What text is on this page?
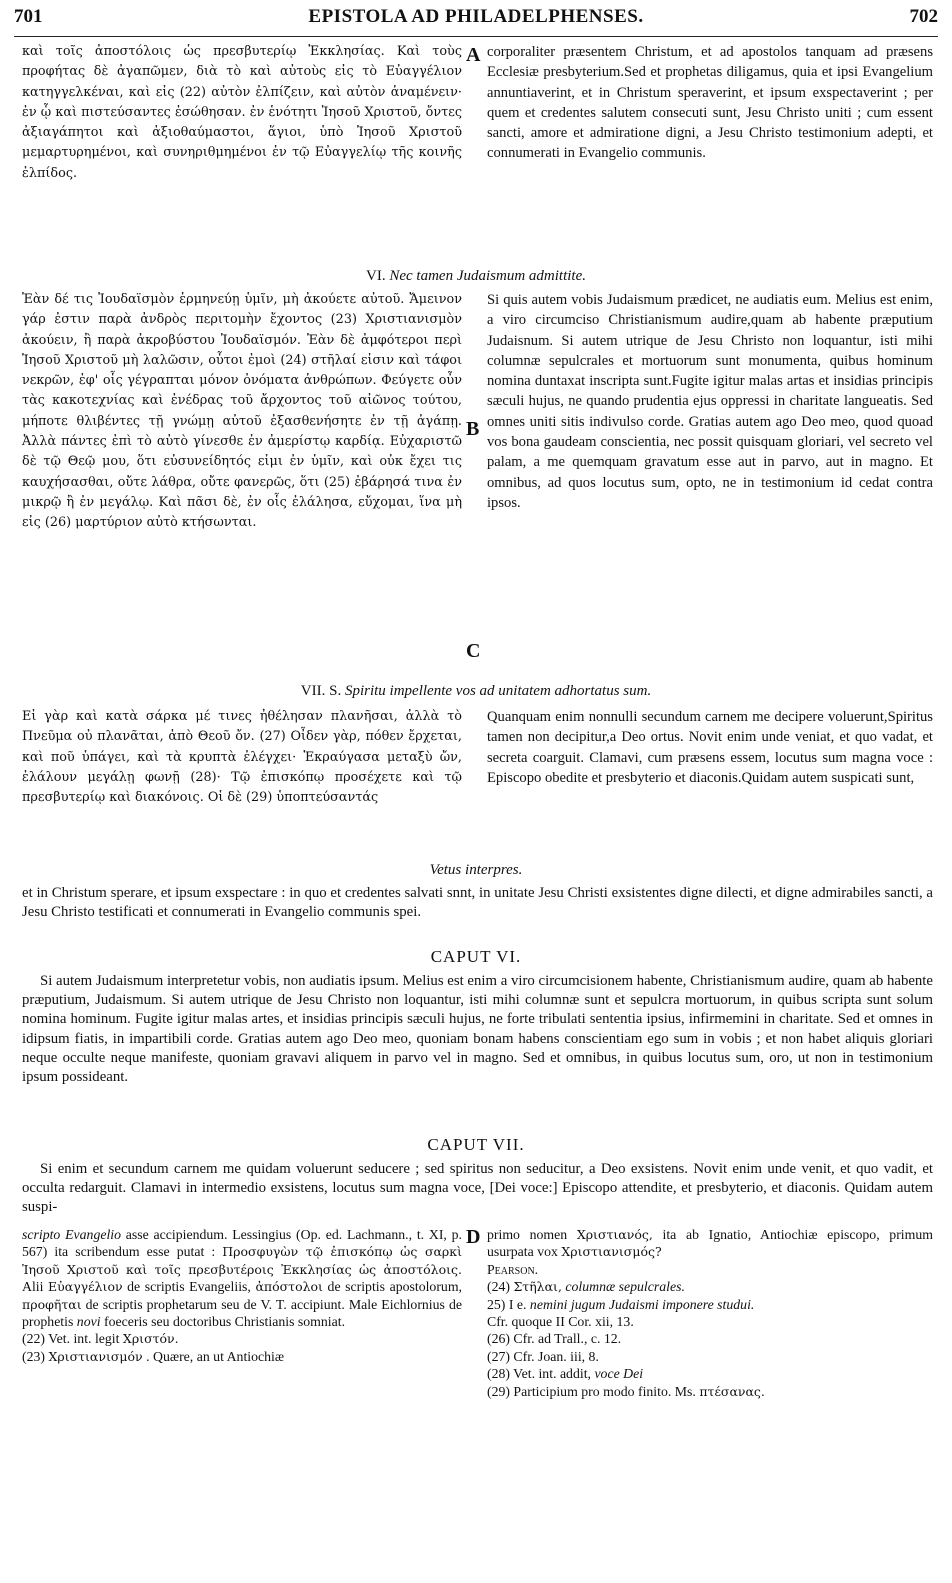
701	EPISTOLA AD PHILADELPHENSES.	702

καὶ τοῖς ἀποστόλοις ὡς πρεσβυτερίῳ Ἐκκλησίας. Καὶ τοὺς προφήτας δὲ ἀγαπῶμεν, διὰ τὸ καὶ αὐτοὺς εἰς τὸ Εὐαγγέλιον κατηγγελκέναι, καὶ εἰς (22) αὐτὸν ἐλπίζειν, καὶ αὐτὸν ἀναμένειν· ἐν ᾧ καὶ πιστεύσαντες ἐσώθησαν. ἐν ἑνότητι Ἰησοῦ Χριστοῦ, ὄντες ἀξιαγάπητοι καὶ ἀξιοθαύμαστοι, ἅγιοι, ὑπὸ Ἰησοῦ Χριστοῦ μεμαρτυρημένοι, καὶ συνηριθμημένοι ἐν τῷ Εὐαγγελίῳ τῆς κοινῆς ἐλπίδος.

A corporaliter præsentem Christum, et ad apostolos tanquam ad præsens Ecclesiæ presbyterium.Sed et prophetas diligamus, quia et ipsi Evangelium annuntiaverint, et in Christum speraverint, et ipsum exspectaverint ; per quem et credentes salutem consecuti sunt, Jesu Christo uniti ; cum essent sancti, amore et admiratione digni, a Jesu Christo testimonium adepti, et connumerati in Evangelio communis.

VI. Nec tamen Judaismum admittite.

Ἐὰν δέ τις Ἰουδαϊσμὸν ἑρμηνεύῃ ὑμῖν, μὴ ἀκούετε αὐτοῦ. Ἄμεινον γάρ ἐστιν παρὰ ἀνδρὸς περιτομὴν ἔχοντος (23) Χριστιανισμὸν ἀκούειν, ἢ παρὰ ἀκροβύστου Ἰουδαϊσμόν. Ἐὰν δὲ ἀμφότεροι περὶ Ἰησοῦ Χριστοῦ μὴ λαλῶσιν, οὗτοι ἐμοὶ (24) στῆλαί εἰσιν καὶ τάφοι νεκρῶν, ἐφ' οἷς γέγραπται μόνον ὀνόματα ἀνθρώπων. Φεύγετε οὖν τὰς κακοτεχνίας καὶ ἐνέδρας τοῦ ἄρχοντος τοῦ αἰῶνος τούτου, μήποτε θλιβέντες τῇ γνώμῃ αὐτοῦ ἐξασθενήσητε ἐν τῇ ἀγάπῃ. Ἀλλὰ πάντες ἐπὶ τὸ αὐτὸ γίνεσθε ἐν ἀμερίστῳ καρδίᾳ. Εὐχαριστῶ δὲ τῷ Θεῷ μου, ὅτι εὐσυνείδητός εἰμι ἐν ὑμῖν, καὶ οὐκ ἔχει τις καυχήσασθαι, οὔτε λάθρα, οὔτε φανερῶς, ὅτι (25) ἐβάρησά τινα ἐν μικρῷ ἢ ἐν μεγάλῳ. Καὶ πᾶσι δὲ, ἐν οἷς ἐλάλησα, εὔχομαι, ἵνα μὴ εἰς (26) μαρτύριον αὐτὸ κτήσωνται.

B
C

Si quis autem vobis Judaismum prædicet, ne audiatis eum. Melius est enim, a viro circumciso Christianismum audire,quam ab habente præputium Judaisnum. Si autem utrique de Jesu Christo non loquantur, isti mihi columnæ sepulcrales et mortuorum sunt monumenta, quibus hominum nomina duntaxat inscripta sunt.Fugite igitur malas artas et insidias principis sæculi hujus, ne quando prudentia ejus oppressi in charitate langueatis. Sed omnes uniti sitis indivulso corde. Gratias autem ago Deo meo, quod quoad vos bona gaudeam conscientia, nec possit quisquam gloriari, vel secreto vel palam, a me quemquam gravatum esse aut in parvo, aut in magno. Et omnibus, ad quos locutus sum, opto, ne in testimonium id cedat contra ipsos.

VII. S. Spiritu impellente vos ad unitatem adhortatus sum.

Εἰ γὰρ καὶ κατὰ σάρκα μέ τινες ἠθέλησαν πλανῆσαι, ἀλλὰ τὸ Πνεῦμα οὐ πλανᾶται, ἀπὸ Θεοῦ ὄν. (27) Οἶδεν γὰρ, πόθεν ἔρχεται, καὶ ποῦ ὑπάγει, καὶ τὰ κρυπτὰ ἐλέγχει· Ἐκραύγασα μεταξὺ ὤν, ἐλάλουν μεγάλῃ φωνῇ (28)· Τῷ ἐπισκόπῳ προσέχετε καὶ τῷ πρεσβυτερίῳ καὶ διακόνοις. Οἱ δὲ (29) ὑποπτεύσαντάς

Quanquam enim nonnulli secundum carnem me decipere voluerunt,Spiritus tamen non decipitur,a Deo ortus. Novit enim unde veniat, et quo vadat, et secreta coarguit. Clamavi, cum præsens essem, locutus sum magna voce : Episcopo obedite et presbyterio et diaconis.Quidam autem suspicati sunt,

Vetus interpres.

et in Christum sperare, et ipsum exspectare : in quo et credentes salvati snnt, in unitate Jesu Christi exsistentes digne dilecti, et digne admirabiles sancti, a Jesu Christo testificati et connumerati in Evangelio communis spei.

CAPUT VI.

Si autem Judaismum interpretetur vobis, non audiatis ipsum. Melius est enim a viro circumcisionem habente, Christianismum audire, quam ab habente præputium, Judaismum. Si autem utrique de Jesu Christo non loquantur, isti mihi columnæ sunt et sepulcra mortuorum, in quibus scripta sunt solum nomina hominum. Fugite igitur malas artes, et insidias principis sæculi hujus, ne forte tribulati sententia ipsius, infirmemini in charitate. Sed et omnes in idipsum fiatis, in impartibili corde. Gratias autem ago Deo meo, quoniam bonam habens conscientiam ego sum in vobis ; et non habet aliquis gloriari neque occulte neque manifeste, quoniam gravavi aliquem in parvo vel in magno. Sed et omnibus, in quibus locutus sum, oro, ut non in testimonium ipsum possideant.

CAPUT VII.

Si enim et secundum carnem me quidam voluerunt seducere ; sed spiritus non seducitur, a Deo exsistens. Novit enim unde venit, et quo vadit, et occulta redarguit. Clamavi in intermedio exsistens, locutus sum magna voce, [Dei voce:] Episcopo attendite, et presbyterio, et diaconis. Quidam autem suspi-

scripto Evangelio asse accipiendum. Lessingius (Op. ed. Lachmann., t. XI, p. 567) ita scribendum esse putat : Προσφυγὼν τῷ ἐπισκόπῳ ὡς σαρκὶ Ἰησοῦ Χριστοῦ καὶ τοῖς πρεσβυτέροις Ἐκκλησίας ὡς ἀποστόλοις. Alii Εὐαγγέλιον de scriptis Evangeliis, ἀπόστολοι de scriptis apostolorum, προφῆται de scriptis prophetarum seu de V. T. accipiunt. Male Eichlornius de prophetis novi foeceris seu doctoribus Christianis somniat.

(22) Vet. int. legit Χριστόν.

(23) Χριστιανισμόν . Quære, an ut Antiochiæ

D primo nomen Χριστιανός, ita ab Ignatio, Antiochiæ episcopo, primum usurpata vox Χριστιανισμός?

Pearson.

(24) Στῆλαι, columnæ sepulcrales.

25) I e. nemini jugum Judaismi imponere studui.

Cfr. quoque II Cor. xii, 13.

(26) Cfr. ad Trall., c. 12.

(27) Cfr. Joan. iii, 8.

(28) Vet. int. addit, voce Dei

(29) Participium pro modo finito. Ms. πτέσανας.
